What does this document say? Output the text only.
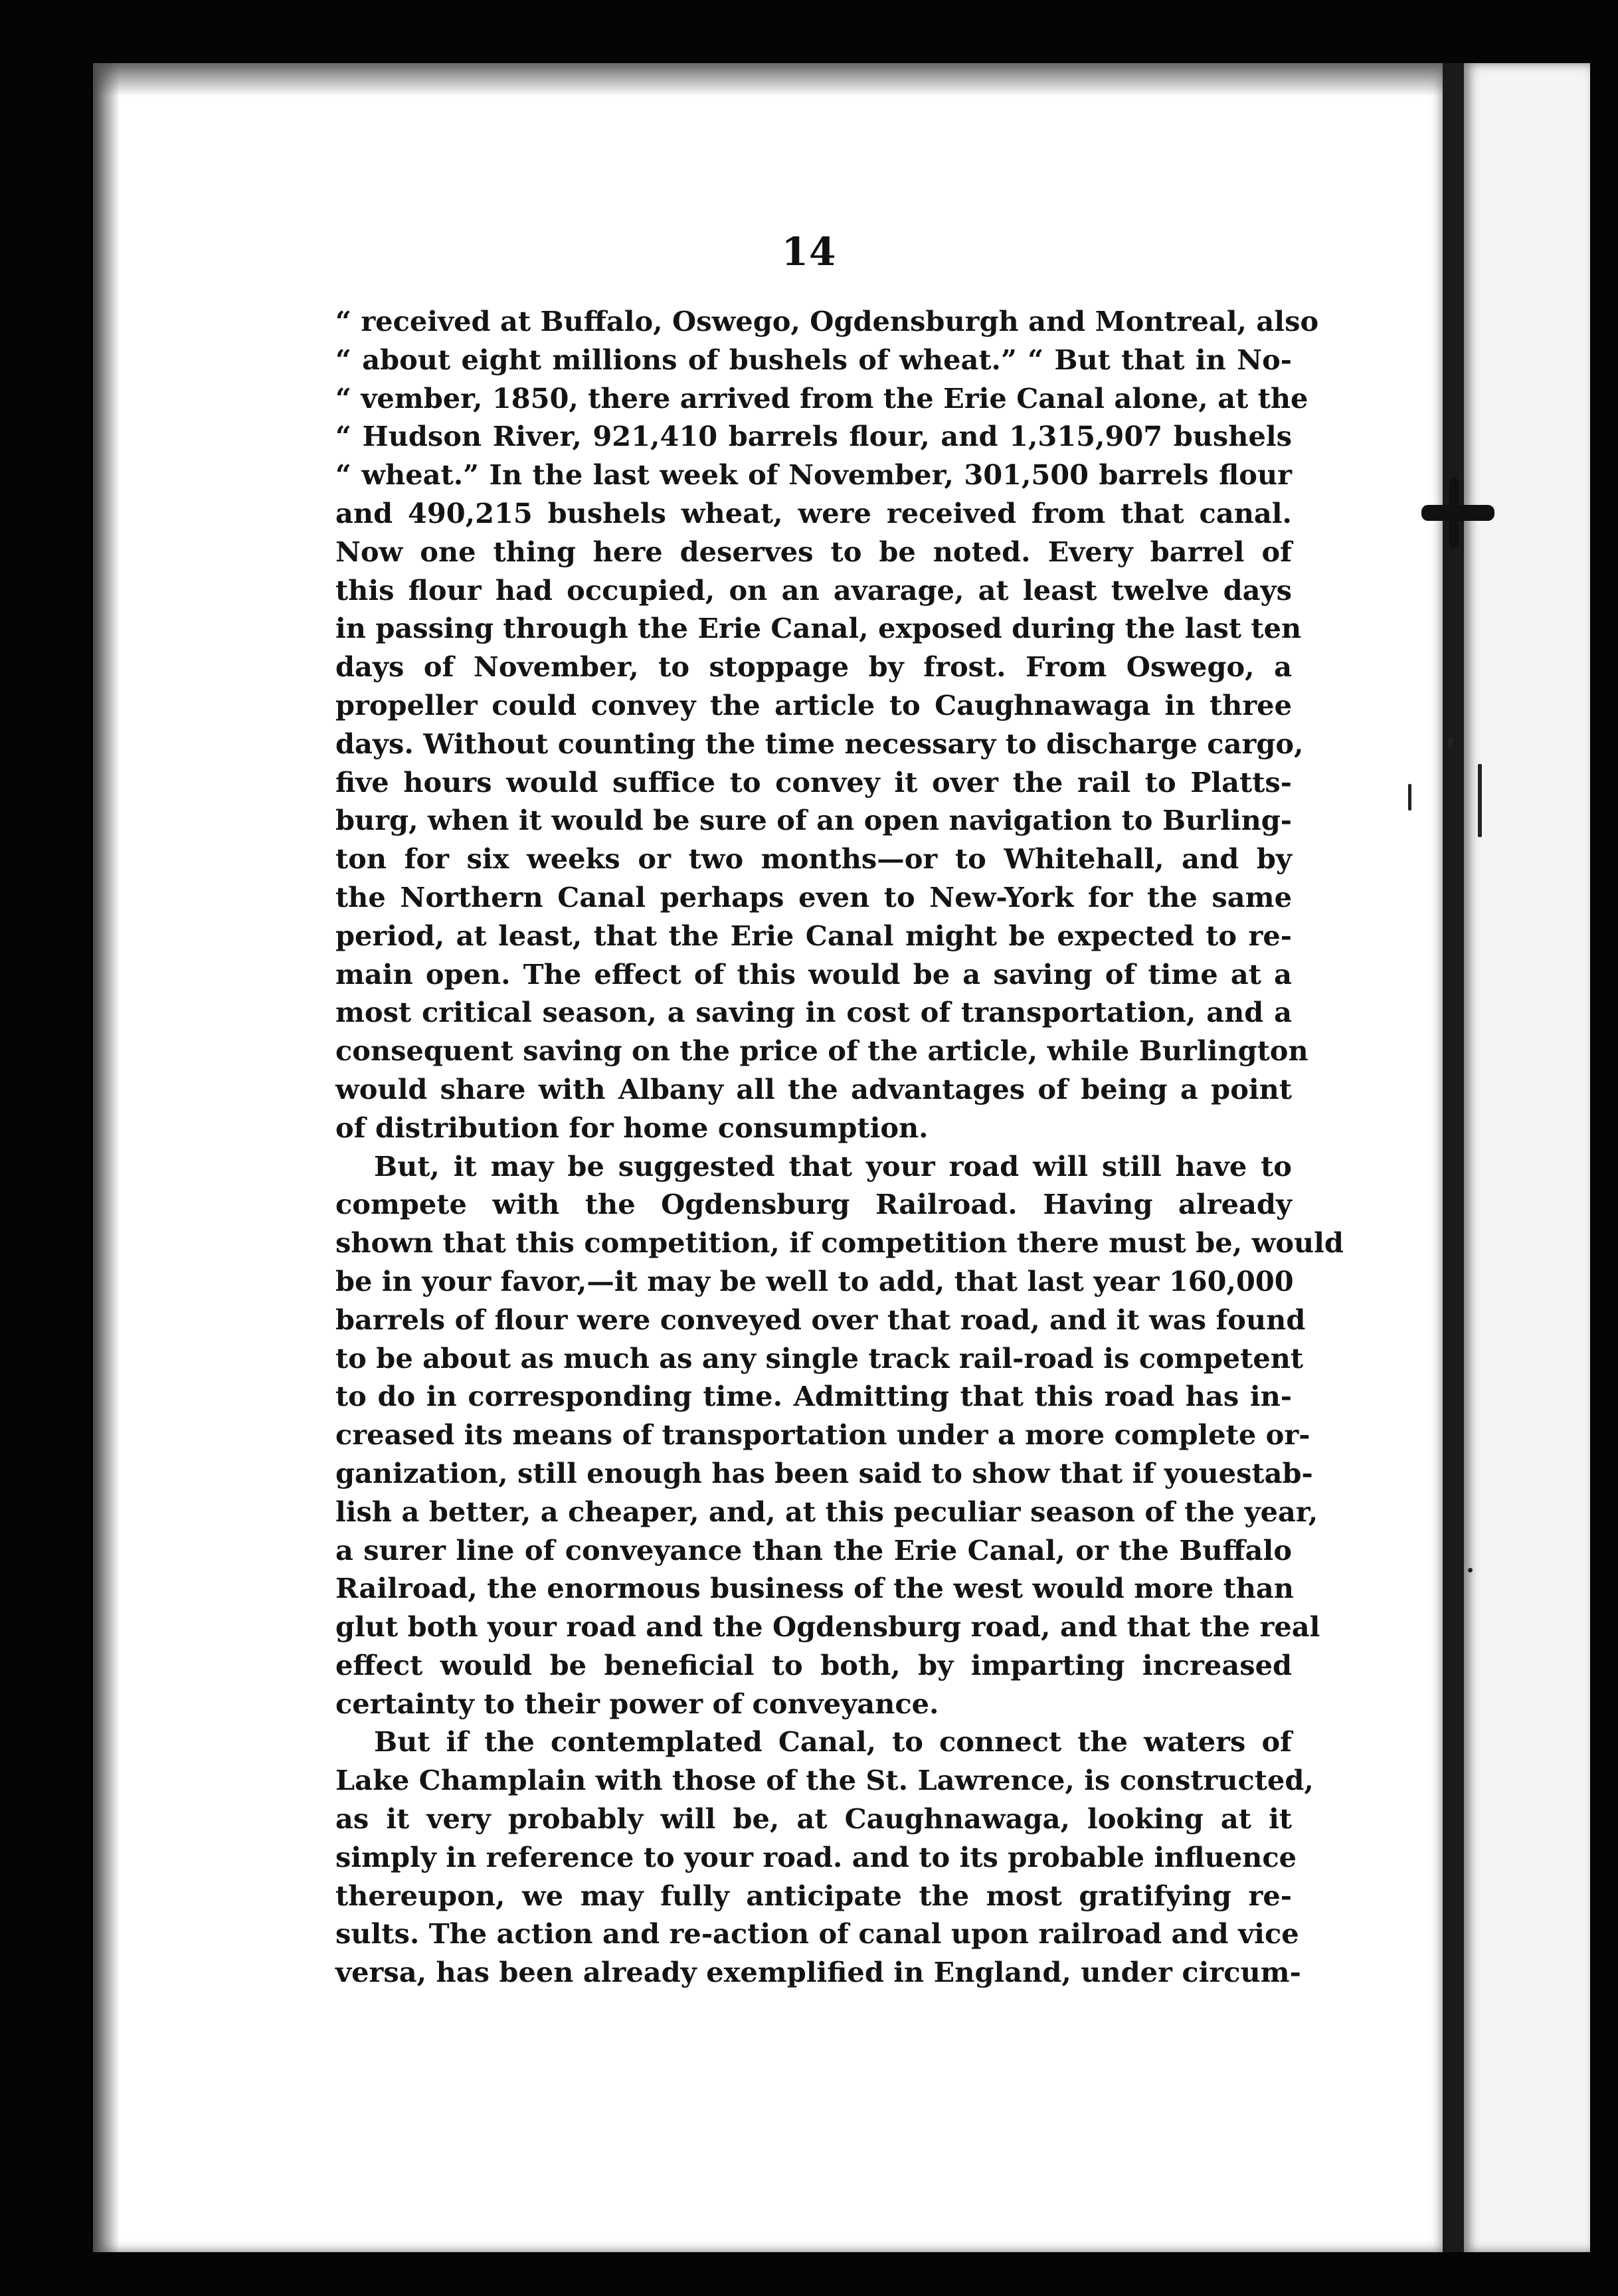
14
“ received at Buffalo, Oswego, Ogdensburgh and Montreal, also
“ about eight millions of bushels of wheat.” “ But that in No-
“ vember, 1850, there arrived from the Erie Canal alone, at the
“ Hudson River, 921,410 barrels flour, and 1,315,907 bushels
“ wheat.” In the last week of November, 301,500 barrels flour
and 490,215 bushels wheat, were received from that canal.
Now one thing here deserves to be noted. Every barrel of
this flour had occupied, on an avarage, at least twelve days
in passing through the Erie Canal, exposed during the last ten
days of November, to stoppage by frost. From Oswego, a
propeller could convey the article to Caughnawaga in three
days. Without counting the time necessary to discharge cargo,
five hours would suffice to convey it over the rail to Platts-
burg, when it would be sure of an open navigation to Burling-
ton for six weeks or two months—or to Whitehall, and by
the Northern Canal perhaps even to New-York for the same
period, at least, that the Erie Canal might be expected to re-
main open. The effect of this would be a saving of time at a
most critical season, a saving in cost of transportation, and a
consequent saving on the price of the article, while Burlington
would share with Albany all the advantages of being a point
of distribution for home consumption.
But, it may be suggested that your road will still have to
compete with the Ogdensburg Railroad. Having already
shown that this competition, if competition there must be, would
be in your favor,—it may be well to add, that last year 160,000
barrels of flour were conveyed over that road, and it was found
to be about as much as any single track rail-road is competent
to do in corresponding time. Admitting that this road has in-
creased its means of transportation under a more complete or-
ganization, still enough has been said to show that if youestab-
lish a better, a cheaper, and, at this peculiar season of the year,
a surer line of conveyance than the Erie Canal, or the Buffalo
Railroad, the enormous business of the west would more than
glut both your road and the Ogdensburg road, and that the real
effect would be beneficial to both, by imparting increased
certainty to their power of conveyance.
But if the contemplated Canal, to connect the waters of
Lake Champlain with those of the St. Lawrence, is constructed,
as it very probably will be, at Caughnawaga, looking at it
simply in reference to your road. and to its probable influence
thereupon, we may fully anticipate the most gratifying re-
sults. The action and re-action of canal upon railroad and vice
versa, has been already exemplified in England, under circum-
